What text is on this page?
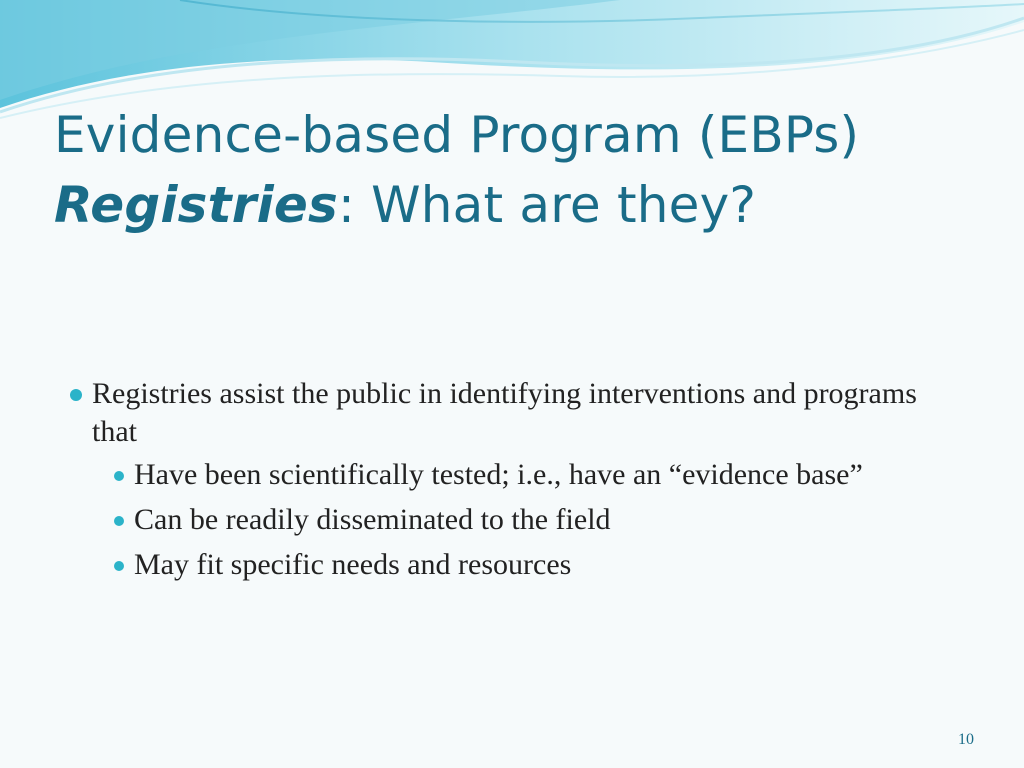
Evidence-based Program (EBPs)
Registries: What are they?
Registries assist the public in identifying interventions and programs that
Have been scientifically tested; i.e., have an “evidence base”
Can be readily disseminated to the field
May fit specific needs and resources
10
